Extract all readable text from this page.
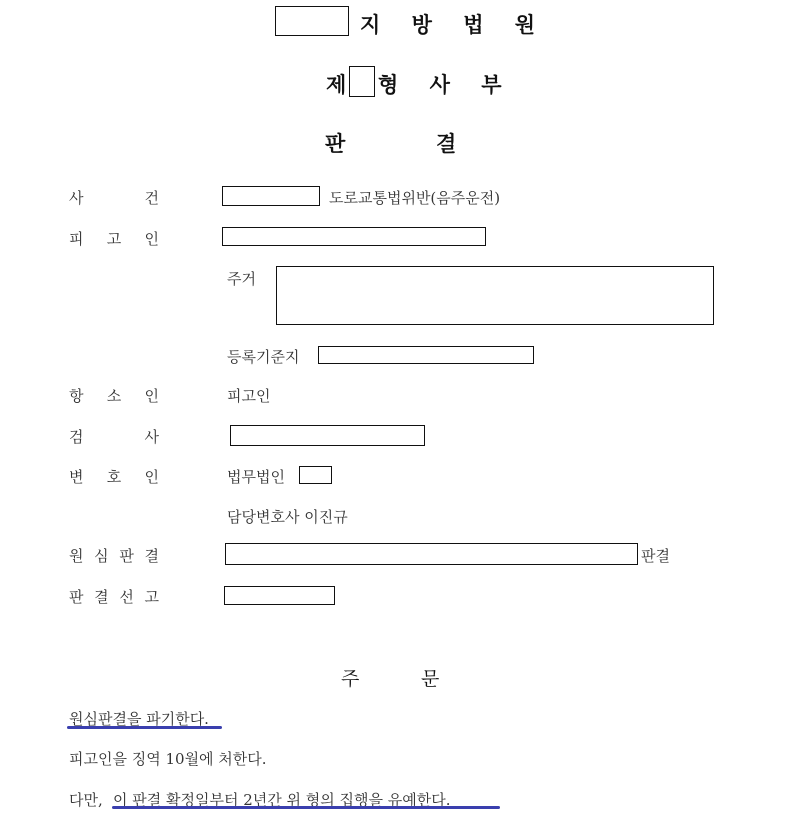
지 방 법 원
제 형 사 부
판	결
사	건	도로교통법위반(음주운전)
피 고 인
주거
등록기준지
항 소 인	피고인
검	사
변 호 인	법무법인
담당변호사 이진규
원 심 판 결	판결
판 결 선 고
주	문
원심판결을 파기한다.
피고인을 징역 10월에 처한다.
다만, 이 판결 확정일부터 2년간 위 형의 집행을 유예한다.
